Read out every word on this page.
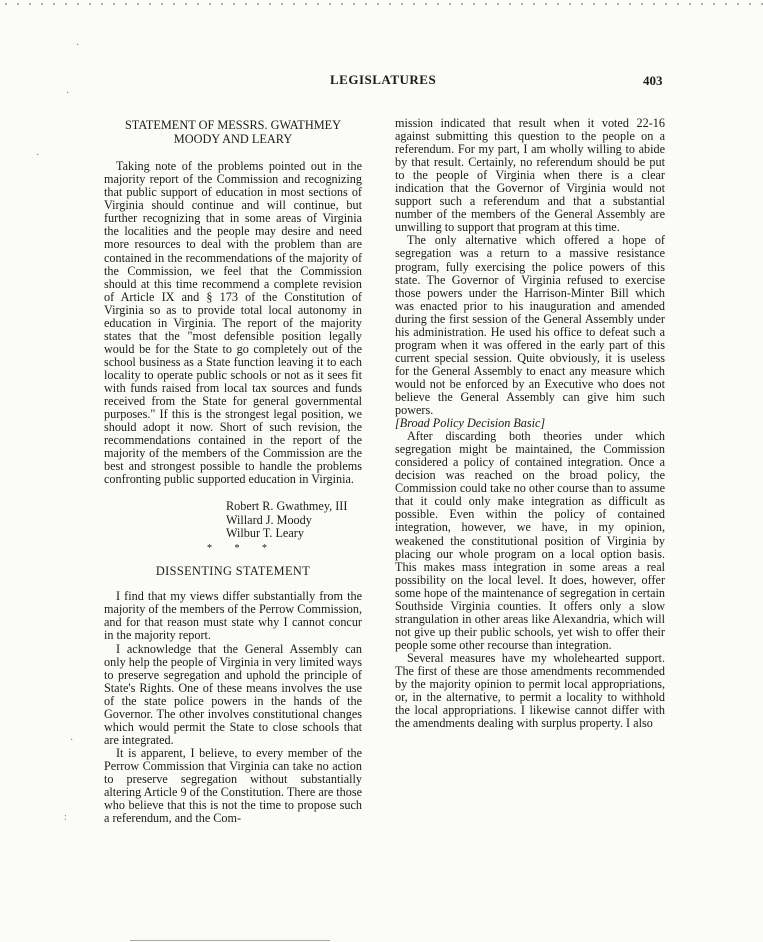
LEGISLATURES	403
·
·
·
·
:
STATEMENT OF MESSRS. GWATHMEY MOODY AND LEARY

Taking note of the problems pointed out in the majority report of the Commission and recognizing that public support of education in most sections of Virginia should continue and will continue, but further recognizing that in some areas of Virginia the localities and the people may desire and need more resources to deal with the problem than are contained in the recommendations of the majority of the Commission, we feel that the Commission should at this time recommend a complete revision of Article IX and § 173 of the Constitution of Virginia so as to provide total local autonomy in education in Virginia. The report of the majority states that the "most defensible position legally would be for the State to go completely out of the school business as a State function leaving it to each locality to operate public schools or not as it sees fit with funds raised from local tax sources and funds received from the State for general governmental purposes." If this is the strongest legal position, we should adopt it now. Short of such revision, the recommendations contained in the report of the majority of the members of the Commission are the best and strongest possible to handle the problems confronting public supported education in Virginia.

Robert R. Gwathmey, III
Willard J. Moody
Wilbur T. Leary
* * *
DISSENTING STATEMENT

I find that my views differ substantially from the majority of the members of the Perrow Commission, and for that reason must state why I cannot concur in the majority report.

I acknowledge that the General Assembly can only help the people of Virginia in very limited ways to preserve segregation and uphold the principle of State's Rights. One of these means involves the use of the state police powers in the hands of the Governor. The other involves constitutional changes which would permit the State to close schools that are integrated.

It is apparent, I believe, to every member of the Perrow Commission that Virginia can take no action to preserve segregation without substantially altering Article 9 of the Constitution. There are those who believe that this is not the time to propose such a referendum, and the Com-

mission indicated that result when it voted 22-16 against submitting this question to the people on a referendum. For my part, I am wholly willing to abide by that result. Certainly, no referendum should be put to the people of Virginia when there is a clear indication that the Governor of Virginia would not support such a referendum and that a substantial number of the members of the General Assembly are unwilling to support that program at this time.

The only alternative which offered a hope of segregation was a return to a massive resistance program, fully exercising the police powers of this state. The Governor of Virginia refused to exercise those powers under the Harrison-Minter Bill which was enacted prior to his inauguration and amended during the first session of the General Assembly under his administration. He used his office to defeat such a program when it was offered in the early part of this current special session. Quite obviously, it is useless for the General Assembly to enact any measure which would not be enforced by an Executive who does not believe the General Assembly can give him such powers.

[Broad Policy Decision Basic]

After discarding both theories under which segregation might be maintained, the Commission considered a policy of contained integration. Once a decision was reached on the broad policy, the Commission could take no other course than to assume that it could only make integration as difficult as possible. Even within the policy of contained integration, however, we have, in my opinion, weakened the constitutional position of Virginia by placing our whole program on a local option basis. This makes mass integration in some areas a real possibility on the local level. It does, however, offer some hope of the maintenance of segregation in certain Southside Virginia counties. It offers only a slow strangulation in other areas like Alexandria, which will not give up their public schools, yet wish to offer their people some other recourse than integration.

Several measures have my wholehearted support. The first of these are those amendments recommended by the majority opinion to permit local appropriations, or, in the alternative, to permit a locality to withhold the local appropriations. I likewise cannot differ with the amendments dealing with surplus property. I also
